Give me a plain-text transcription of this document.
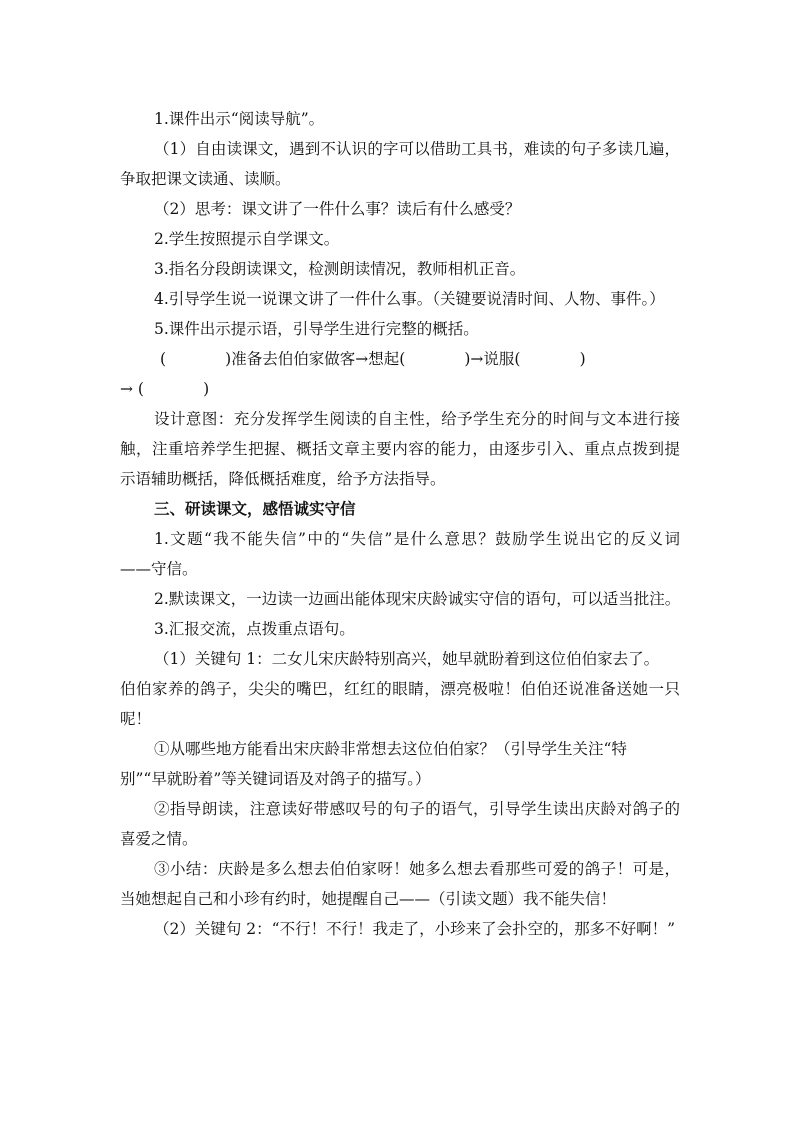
1.课件出示“阅读导航”。
（1）自由读课文，遇到不认识的字可以借助工具书，难读的句子多读几遍，
争取把课文读通、读顺。
（2）思考：课文讲了一件什么事？读后有什么感受？
2.学生按照提示自学课文。
3.指名分段朗读课文，检测朗读情况，教师相机正音。
4.引导学生说一说课文讲了一件什么事。（关键要说清时间、人物、事件。）
5.课件出示提示语，引导学生进行完整的概括。
(            )准备去伯伯家做客→想起(            )→说服(            )
→ (            )
设计意图：充分发挥学生阅读的自主性，给予学生充分的时间与文本进行接
触，注重培养学生把握、概括文章主要内容的能力，由逐步引入、重点点拨到提
示语辅助概括，降低概括难度，给予方法指导。
三、研读课文，感悟诚实守信
1.文题“我不能失信”中的“失信”是什么意思？鼓励学生说出它的反义词
——守信。
2.默读课文，一边读一边画出能体现宋庆龄诚实守信的语句，可以适当批注。
3.汇报交流，点拨重点语句。
（1）关键句 1：二女儿宋庆龄特别高兴，她早就盼着到这位伯伯家去了。
伯伯家养的鸽子，尖尖的嘴巴，红红的眼睛，漂亮极啦！伯伯还说准备送她一只
呢！
①从哪些地方能看出宋庆龄非常想去这位伯伯家？（引导学生关注“特
别”“早就盼着”等关键词语及对鸽子的描写。）
②指导朗读，注意读好带感叹号的句子的语气，引导学生读出庆龄对鸽子的
喜爱之情。
③小结：庆龄是多么想去伯伯家呀！她多么想去看那些可爱的鸽子！可是，
当她想起自己和小珍有约时，她提醒自己——（引读文题）我不能失信！
（2）关键句 2：“不行！不行！我走了，小珍来了会扑空的，那多不好啊！”
